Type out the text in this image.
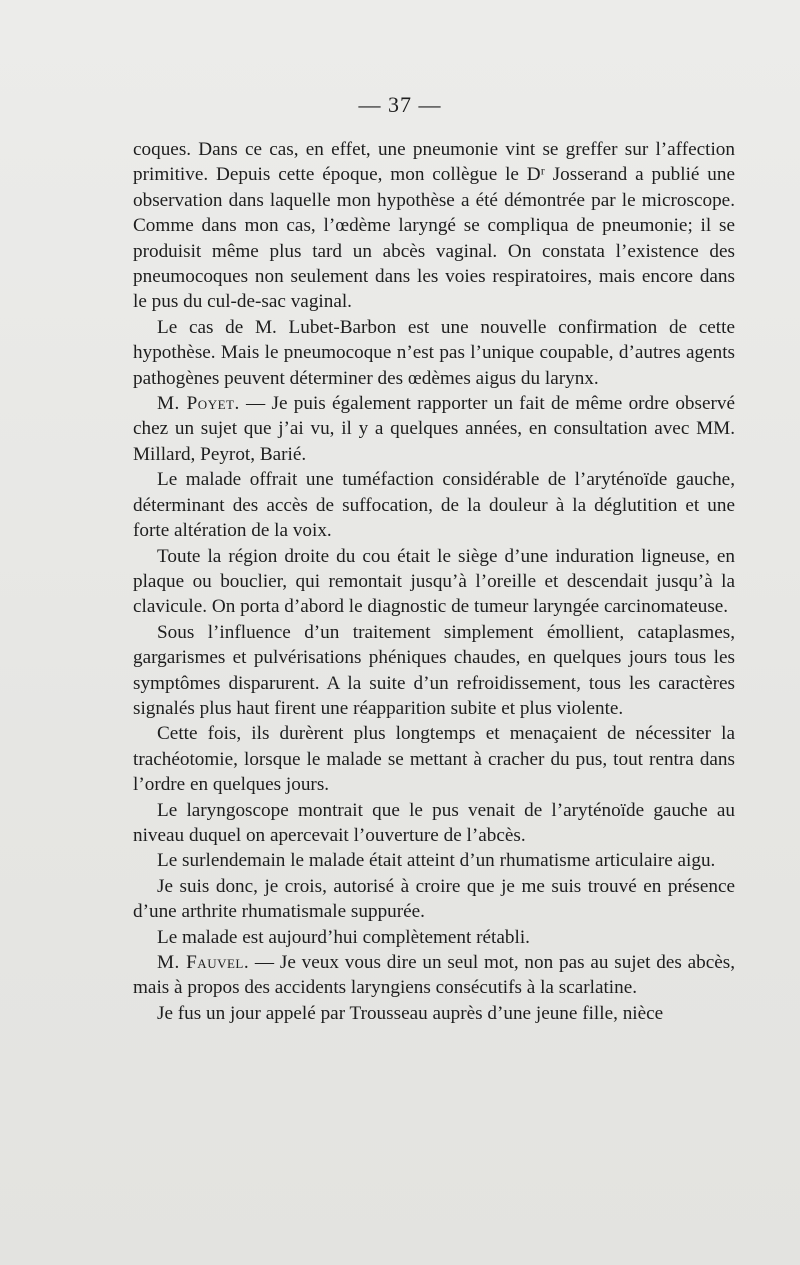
— 37 —

coques. Dans ce cas, en effet, une pneumonie vint se greffer sur l’affection primitive. Depuis cette époque, mon collègue le Dʳ Josserand a publié une observation dans laquelle mon hypothèse a été démontrée par le microscope. Comme dans mon cas, l’œdème laryngé se compliqua de pneumonie; il se produisit même plus tard un abcès vaginal. On constata l’existence des pneumocoques non seulement dans les voies respiratoires, mais encore dans le pus du cul-de-sac vaginal.

Le cas de M. Lubet-Barbon est une nouvelle confirmation de cette hypothèse. Mais le pneumocoque n’est pas l’unique coupable, d’autres agents pathogènes peuvent déterminer des œdèmes aigus du larynx.

M. Poyet. — Je puis également rapporter un fait de même ordre observé chez un sujet que j’ai vu, il y a quelques années, en consultation avec MM. Millard, Peyrot, Barié.

Le malade offrait une tuméfaction considérable de l’aryténoïde gauche, déterminant des accès de suffocation, de la douleur à la déglutition et une forte altération de la voix.

Toute la région droite du cou était le siège d’une induration ligneuse, en plaque ou bouclier, qui remontait jusqu’à l’oreille et descendait jusqu’à la clavicule. On porta d’abord le diagnostic de tumeur laryngée carcinomateuse.

Sous l’influence d’un traitement simplement émollient, cataplasmes, gargarismes et pulvérisations phéniques chaudes, en quelques jours tous les symptômes disparurent. A la suite d’un refroidissement, tous les caractères signalés plus haut firent une réapparition subite et plus violente.

Cette fois, ils durèrent plus longtemps et menaçaient de nécessiter la trachéotomie, lorsque le malade se mettant à cracher du pus, tout rentra dans l’ordre en quelques jours.

Le laryngoscope montrait que le pus venait de l’aryténoïde gauche au niveau duquel on apercevait l’ouverture de l’abcès.

Le surlendemain le malade était atteint d’un rhumatisme articulaire aigu.

Je suis donc, je crois, autorisé à croire que je me suis trouvé en présence d’une arthrite rhumatismale suppurée.

Le malade est aujourd’hui complètement rétabli.

M. Fauvel. — Je veux vous dire un seul mot, non pas au sujet des abcès, mais à propos des accidents laryngiens consécutifs à la scarlatine.

Je fus un jour appelé par Trousseau auprès d’une jeune fille, nièce
